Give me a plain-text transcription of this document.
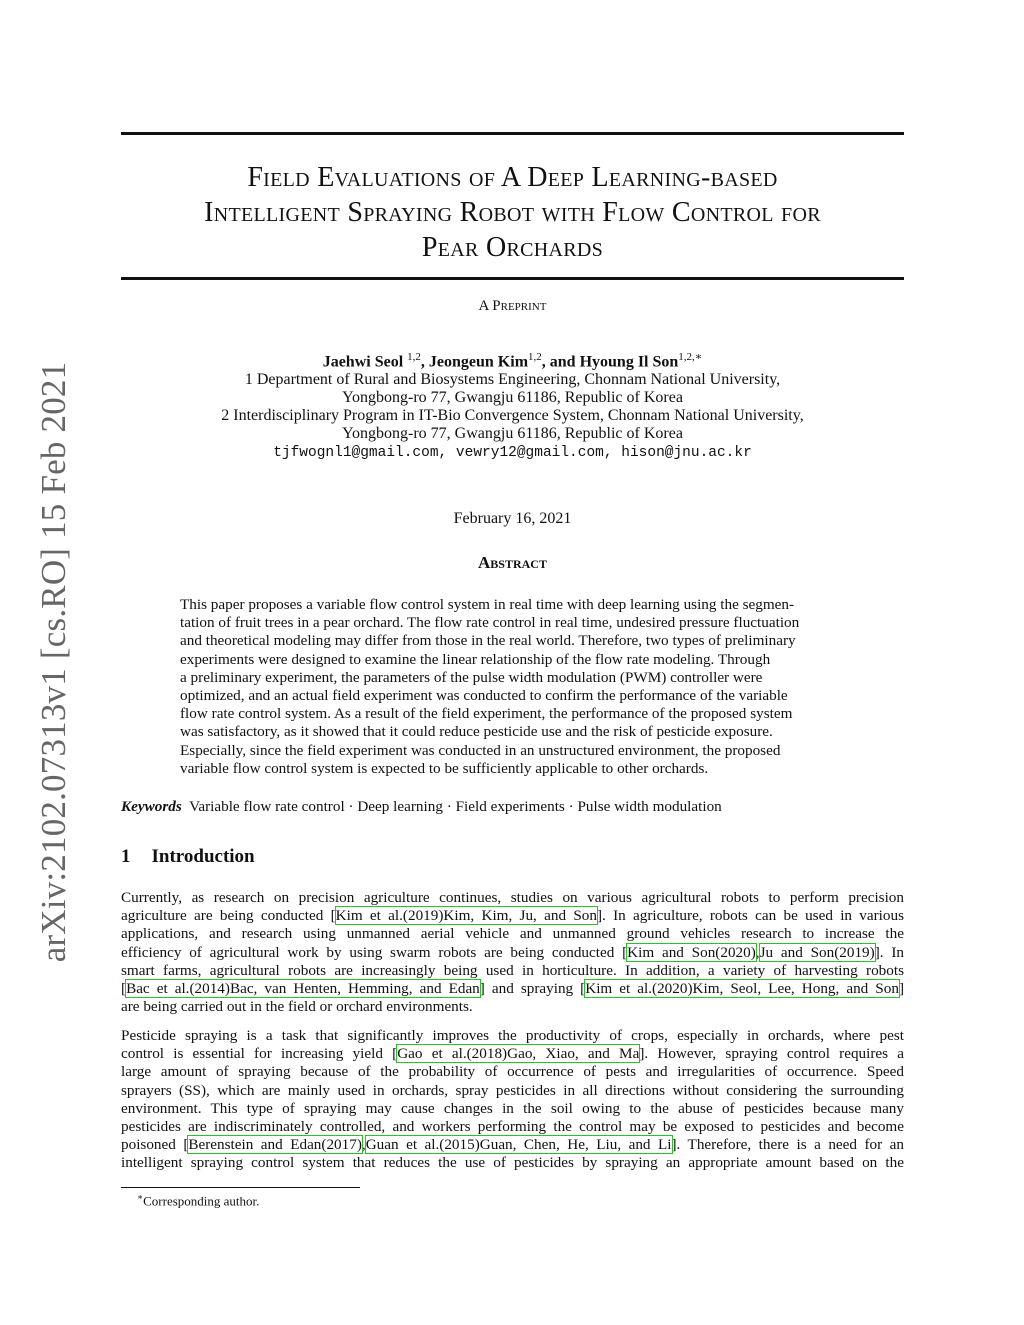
arXiv:2102.07313v1 [cs.RO] 15 Feb 2021
Field Evaluations of A Deep Learning-based
Intelligent Spraying Robot with Flow Control for
Pear Orchards
A Preprint
Jaehwi Seol $^{1,2}$, Jeongeun Kim$^{1,2}$, and Hyoung Il Son$^{1,2,∗}$
1 Department of Rural and Biosystems Engineering, Chonnam National University,
Yongbong-ro 77, Gwangju 61186, Republic of Korea
2 Interdisciplinary Program in IT-Bio Convergence System, Chonnam National University,
Yongbong-ro 77, Gwangju 61186, Republic of Korea
tjfwognl1@gmail.com, vewry12@gmail.com, hison@jnu.ac.kr
February 16, 2021
Abstract
This paper proposes a variable flow control system in real time with deep learning using the segmen-
tation of fruit trees in a pear orchard. The flow rate control in real time, undesired pressure fluctuation
and theoretical modeling may differ from those in the real world. Therefore, two types of preliminary
experiments were designed to examine the linear relationship of the flow rate modeling. Through
a preliminary experiment, the parameters of the pulse width modulation (PWM) controller were
optimized, and an actual field experiment was conducted to confirm the performance of the variable
flow rate control system. As a result of the field experiment, the performance of the proposed system
was satisfactory, as it showed that it could reduce pesticide use and the risk of pesticide exposure.
Especially, since the field experiment was conducted in an unstructured environment, the proposed
variable flow control system is expected to be sufficiently applicable to other orchards.
Keywords Variable flow rate control · Deep learning · Field experiments · Pulse width modulation
1 Introduction
Currently, as research on precision agriculture continues, studies on various agricultural robots to perform precision
agriculture are being conducted [Kim et al.(2019)Kim, Kim, Ju, and Son]. In agriculture, robots can be used in various
applications, and research using unmanned aerial vehicle and unmanned ground vehicles research to increase the
efficiency of agricultural work by using swarm robots are being conducted [Kim and Son(2020),Ju and Son(2019)]. In
smart farms, agricultural robots are increasingly being used in horticulture. In addition, a variety of harvesting robots
[Bac et al.(2014)Bac, van Henten, Hemming, and Edan] and spraying [Kim et al.(2020)Kim, Seol, Lee, Hong, and Son]
are being carried out in the field or orchard environments.
Pesticide spraying is a task that significantly improves the productivity of crops, especially in orchards, where pest
control is essential for increasing yield [Gao et al.(2018)Gao, Xiao, and Ma]. However, spraying control requires a
large amount of spraying because of the probability of occurrence of pests and irregularities of occurrence. Speed
sprayers (SS), which are mainly used in orchards, spray pesticides in all directions without considering the surrounding
environment. This type of spraying may cause changes in the soil owing to the abuse of pesticides because many
pesticides are indiscriminately controlled, and workers performing the control may be exposed to pesticides and become
poisoned [Berenstein and Edan(2017),Guan et al.(2015)Guan, Chen, He, Liu, and Li]. Therefore, there is a need for an
intelligent spraying control system that reduces the use of pesticides by spraying an appropriate amount based on the
∗Corresponding author.
